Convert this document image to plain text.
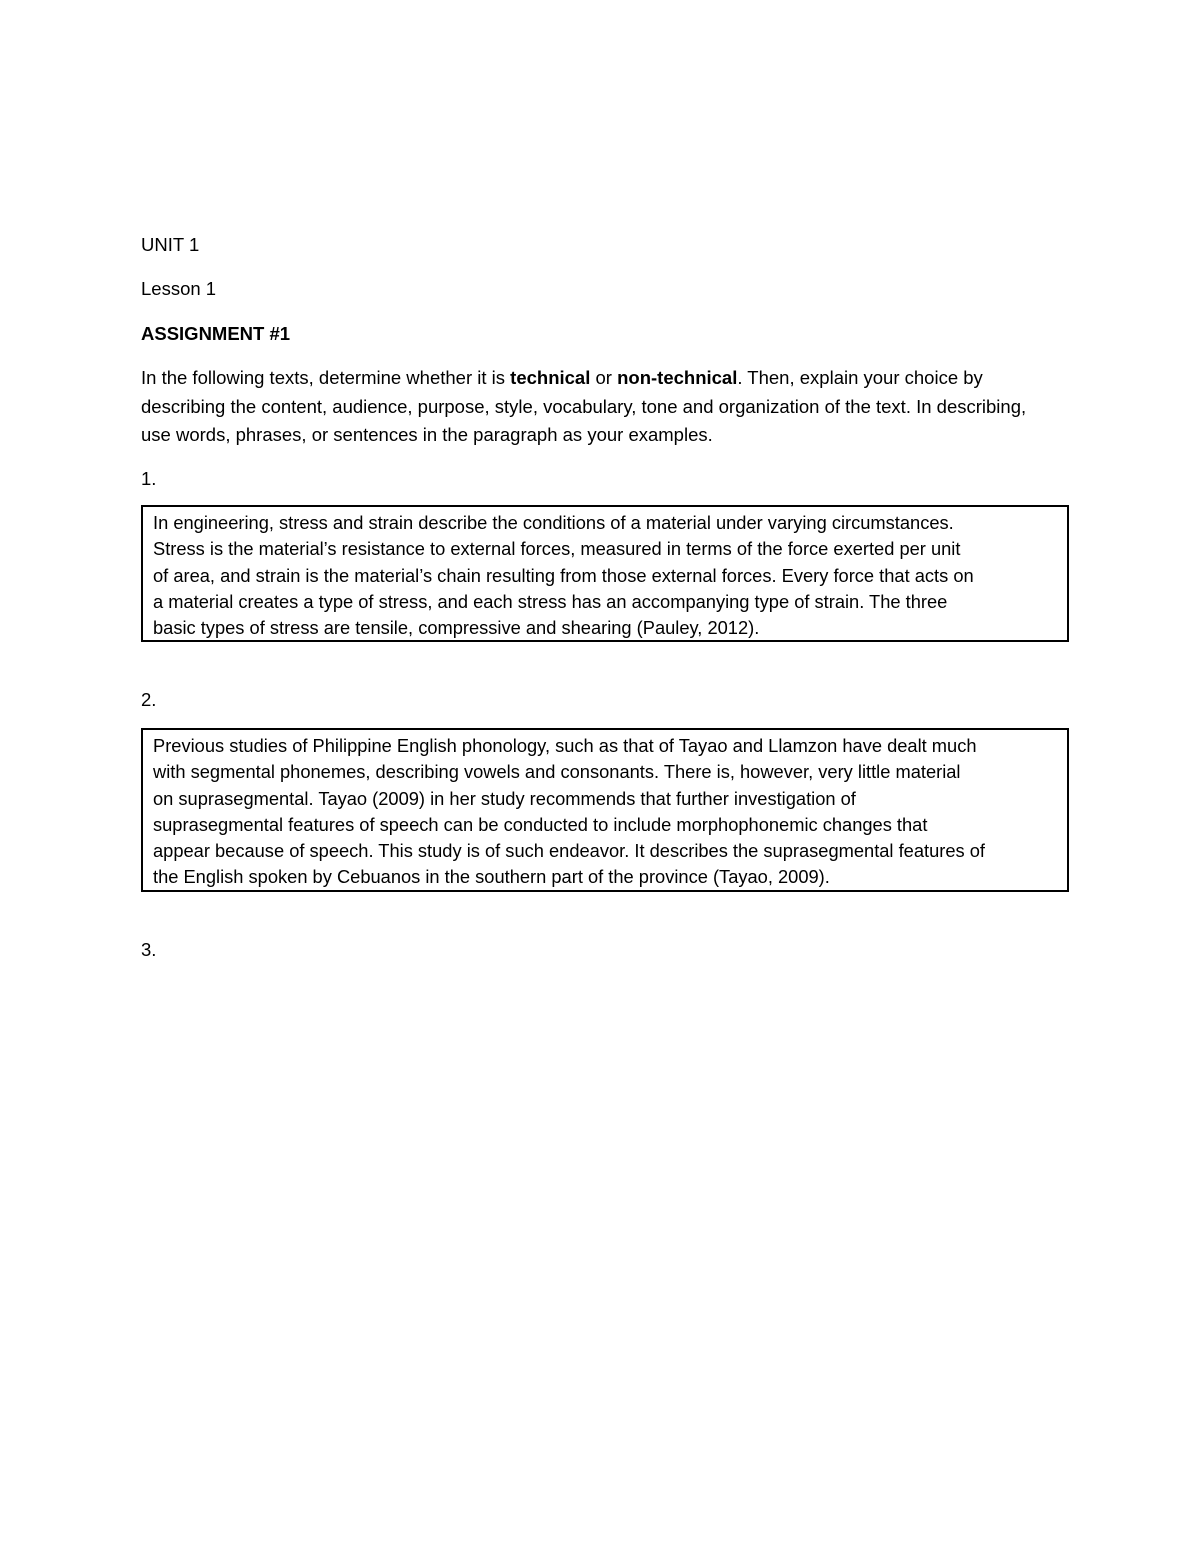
UNIT 1
Lesson 1
ASSIGNMENT #1
In the following texts, determine whether it is technical or non-technical. Then, explain your choice by describing the content, audience, purpose, style, vocabulary, tone and organization of the text. In describing, use words, phrases, or sentences in the paragraph as your examples.
1.

In engineering, stress and strain describe the conditions of a material under varying circumstances.

Stress is the material’s resistance to external forces, measured in terms of the force exerted per unit

of area, and strain is the material’s chain resulting from those external forces. Every force that acts on

a material creates a type of stress, and each stress has an accompanying type of strain. The three

basic types of stress are tensile, compressive and shearing (Pauley, 2012).

2.

Previous studies of Philippine English phonology, such as that of Tayao and Llamzon have dealt much

with segmental phonemes, describing vowels and consonants. There is, however, very little material

on suprasegmental. Tayao (2009) in her study recommends that further investigation of

suprasegmental features of speech can be conducted to include morphophonemic changes that

appear because of speech. This study is of such endeavor. It describes the suprasegmental features of

the English spoken by Cebuanos in the southern part of the province (Tayao, 2009).

3.
